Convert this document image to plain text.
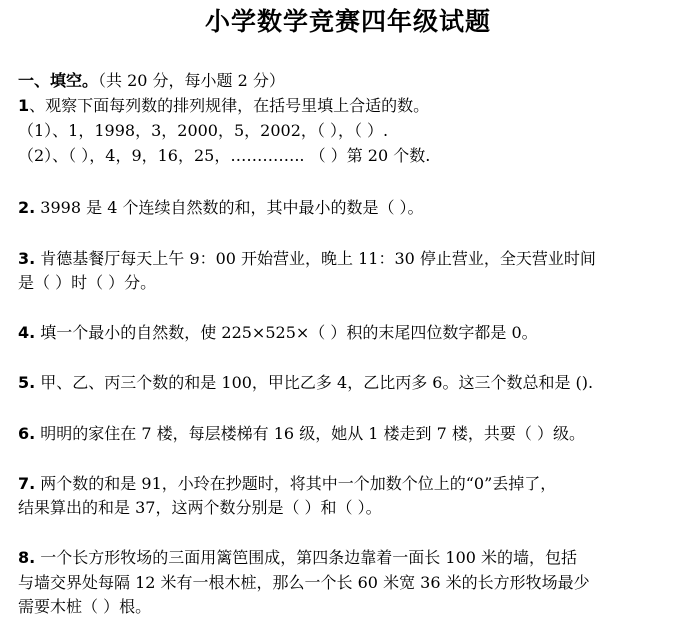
小学数学竞赛四年级试题
一、填空。（共 20 分，每小题 2 分）
1、观察下面每列数的排列规律，在括号里填上合适的数。
（1）、1，1998，3，2000，5，2002，（ ），（ ）.
（2）、（ ），4，9，16，25，………….. （ ）第 20 个数.
2. 3998 是 4 个连续自然数的和，其中最小的数是（ ）。
3. 肯德基餐厅每天上午 9：00 开始营业，晚上 11：30 停止营业，全天营业时间
是（ ）时（ ）分。
4. 填一个最小的自然数，使 225×525×（ ）积的末尾四位数字都是 0。
5. 甲、乙、丙三个数的和是 100，甲比乙多 4，乙比丙多 6。这三个数总和是 ().
6. 明明的家住在 7 楼，每层楼梯有 16 级，她从 1 楼走到 7 楼，共要（ ）级。
7. 两个数的和是 91，小玲在抄题时，将其中一个加数个位上的“0”丢掉了，
结果算出的和是 37，这两个数分别是（ ）和（ ）。
8. 一个长方形牧场的三面用篱笆围成，第四条边靠着一面长 100 米的墙，包括
与墙交界处每隔 12 米有一根木桩，那么一个长 60 米宽 36 米的长方形牧场最少
需要木桩（ ）根。
